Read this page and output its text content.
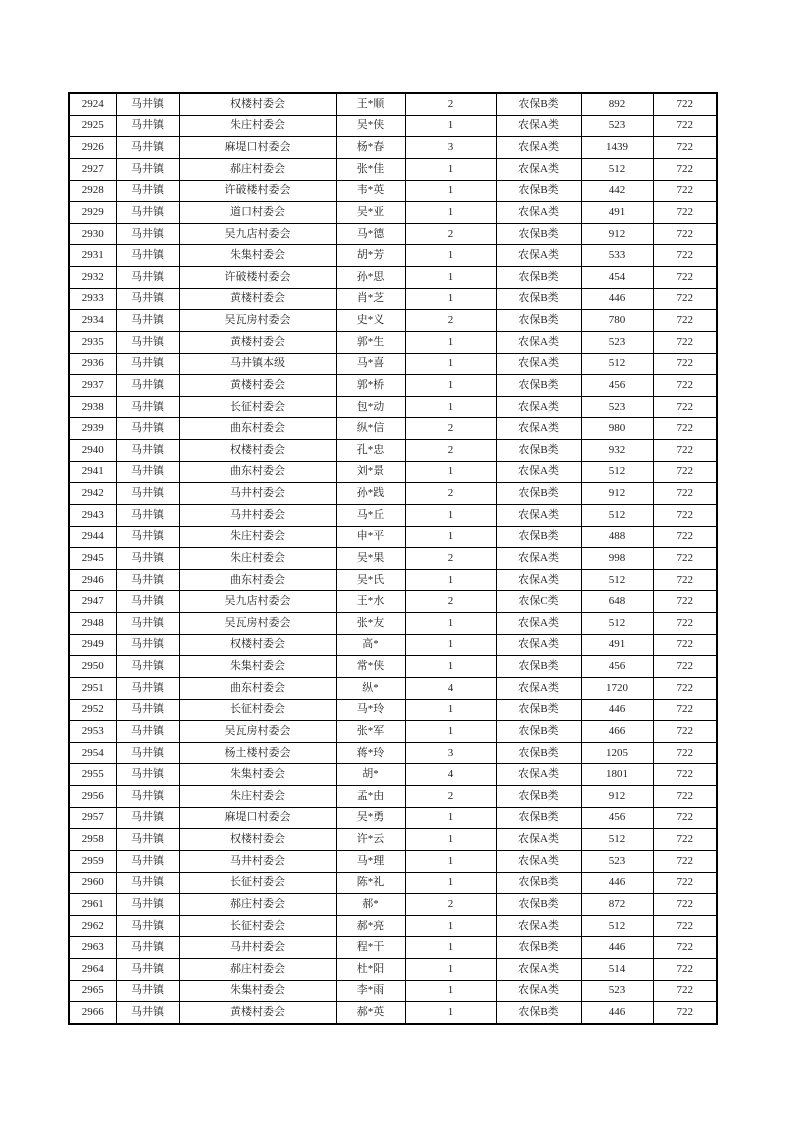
2924	马井镇	权楼村委会	王*顺	2	农保B类	892	722
2925	马井镇	朱庄村委会	吴*侠	1	农保A类	523	722
2926	马井镇	麻堤口村委会	杨*春	3	农保A类	1439	722
2927	马井镇	郝庄村委会	张*佳	1	农保A类	512	722
2928	马井镇	许破楼村委会	韦*英	1	农保B类	442	722
2929	马井镇	道口村委会	吴*亚	1	农保A类	491	722
2930	马井镇	吴九店村委会	马*德	2	农保B类	912	722
2931	马井镇	朱集村委会	胡*芳	1	农保A类	533	722
2932	马井镇	许破楼村委会	孙*思	1	农保B类	454	722
2933	马井镇	黄楼村委会	肖*芝	1	农保B类	446	722
2934	马井镇	吴瓦房村委会	史*义	2	农保B类	780	722
2935	马井镇	黄楼村委会	郭*生	1	农保A类	523	722
2936	马井镇	马井镇本级	马*喜	1	农保A类	512	722
2937	马井镇	黄楼村委会	郭*桥	1	农保B类	456	722
2938	马井镇	长征村委会	包*动	1	农保A类	523	722
2939	马井镇	曲东村委会	纵*信	2	农保A类	980	722
2940	马井镇	权楼村委会	孔*忠	2	农保B类	932	722
2941	马井镇	曲东村委会	刘*景	1	农保A类	512	722
2942	马井镇	马井村委会	孙*践	2	农保B类	912	722
2943	马井镇	马井村委会	马*丘	1	农保A类	512	722
2944	马井镇	朱庄村委会	申*平	1	农保B类	488	722
2945	马井镇	朱庄村委会	吴*果	2	农保A类	998	722
2946	马井镇	曲东村委会	吴*氏	1	农保A类	512	722
2947	马井镇	吴九店村委会	王*水	2	农保C类	648	722
2948	马井镇	吴瓦房村委会	张*友	1	农保A类	512	722
2949	马井镇	权楼村委会	高*	1	农保A类	491	722
2950	马井镇	朱集村委会	常*侠	1	农保B类	456	722
2951	马井镇	曲东村委会	纵*	4	农保A类	1720	722
2952	马井镇	长征村委会	马*玲	1	农保B类	446	722
2953	马井镇	吴瓦房村委会	张*军	1	农保B类	466	722
2954	马井镇	杨土楼村委会	蒋*玲	3	农保B类	1205	722
2955	马井镇	朱集村委会	胡*	4	农保A类	1801	722
2956	马井镇	朱庄村委会	孟*由	2	农保B类	912	722
2957	马井镇	麻堤口村委会	吴*勇	1	农保B类	456	722
2958	马井镇	权楼村委会	许*云	1	农保A类	512	722
2959	马井镇	马井村委会	马*理	1	农保A类	523	722
2960	马井镇	长征村委会	陈*礼	1	农保B类	446	722
2961	马井镇	郝庄村委会	郝*	2	农保B类	872	722
2962	马井镇	长征村委会	郝*亮	1	农保A类	512	722
2963	马井镇	马井村委会	程*干	1	农保B类	446	722
2964	马井镇	郝庄村委会	杜*阳	1	农保A类	514	722
2965	马井镇	朱集村委会	李*雨	1	农保A类	523	722
2966	马井镇	黄楼村委会	郝*英	1	农保B类	446	722
